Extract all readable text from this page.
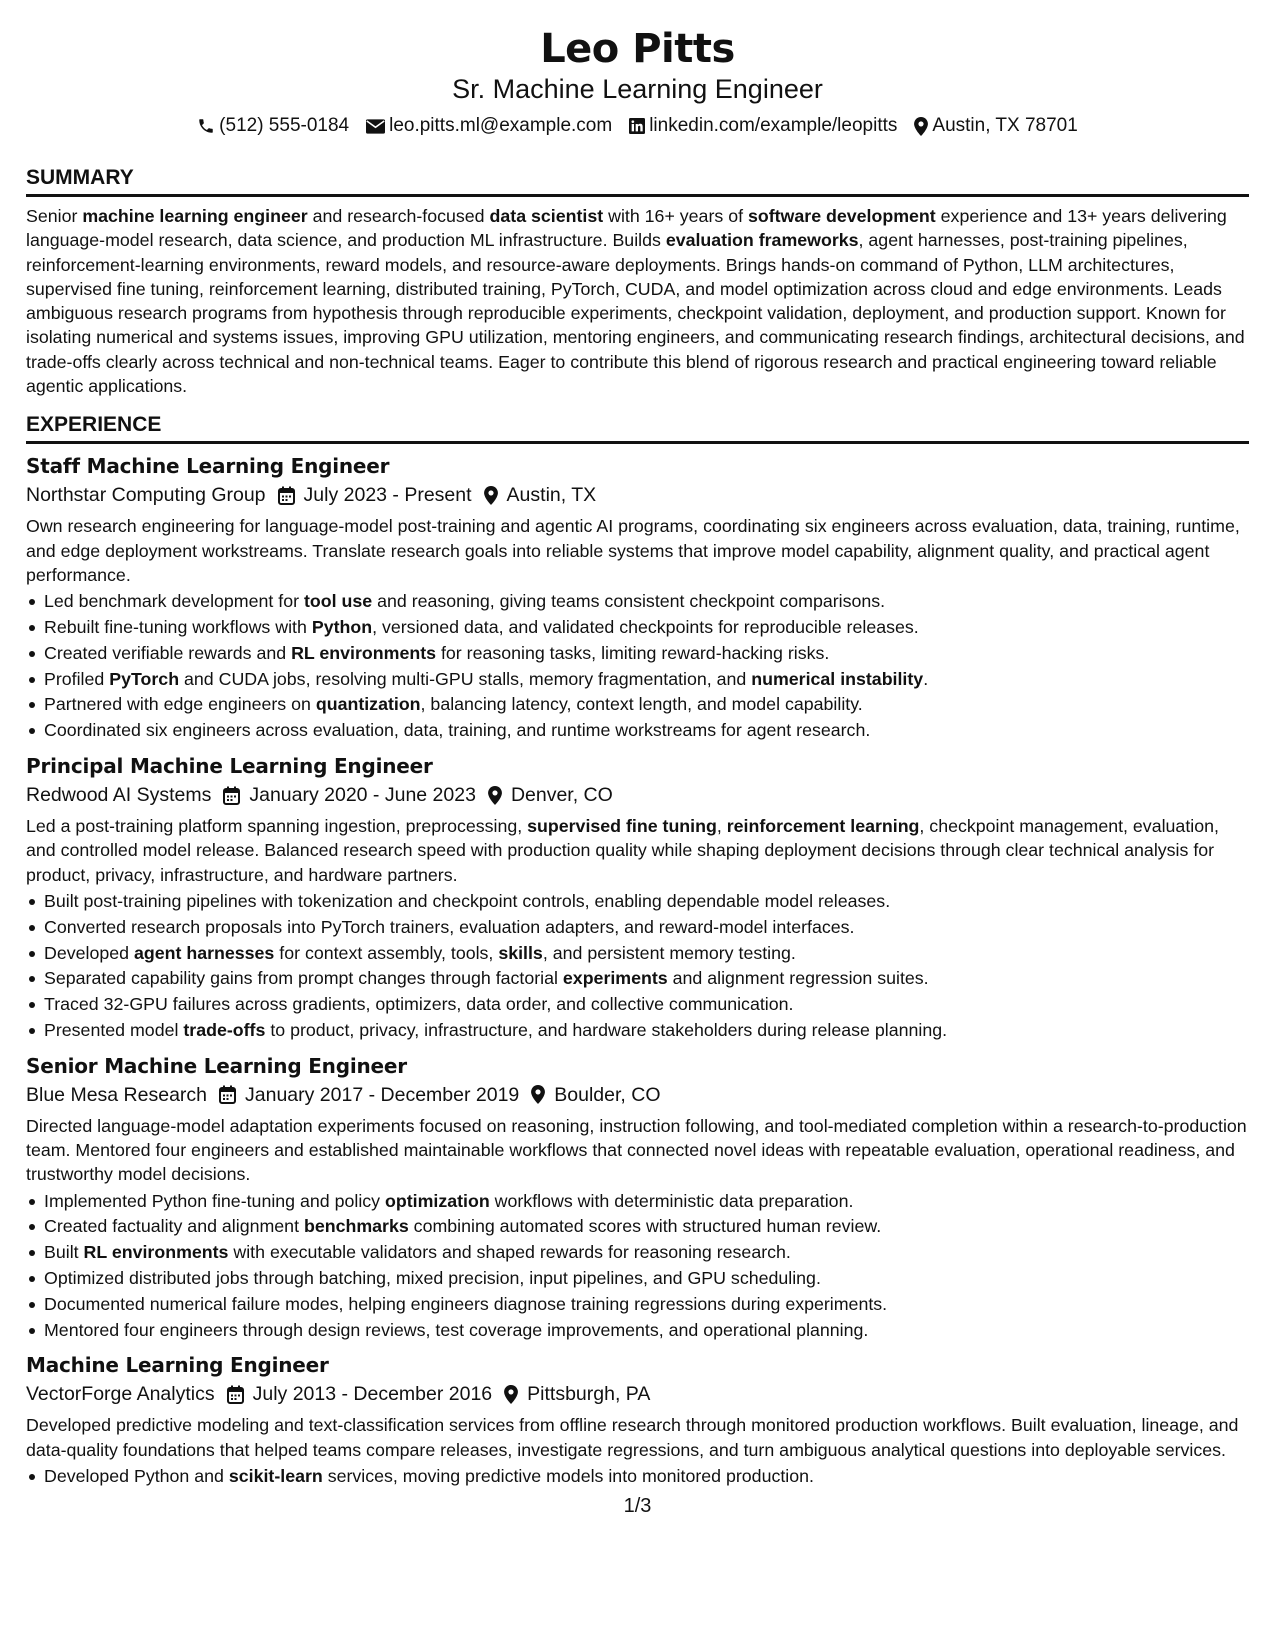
Leo Pitts
Sr. Machine Learning Engineer
(512) 555-0184 leo.pitts.ml@example.com linkedin.com/example/leopitts Austin, TX 78701
SUMMARY
Senior machine learning engineer and research-focused data scientist with 16+ years of software development experience and 13+ years delivering language-model research, data science, and production ML infrastructure. Builds evaluation frameworks, agent harnesses, post-training pipelines, reinforcement-learning environments, reward models, and resource-aware deployments. Brings hands-on command of Python, LLM architectures, supervised fine tuning, reinforcement learning, distributed training, PyTorch, CUDA, and model optimization across cloud and edge environments. Leads ambiguous research programs from hypothesis through reproducible experiments, checkpoint validation, deployment, and production support. Known for isolating numerical and systems issues, improving GPU utilization, mentoring engineers, and communicating research findings, architectural decisions, and trade-offs clearly across technical and non-technical teams. Eager to contribute this blend of rigorous research and practical engineering toward reliable agentic applications.
EXPERIENCE
Staff Machine Learning Engineer
Northstar Computing Group July 2023 - Present Austin, TX
Own research engineering for language-model post-training and agentic AI programs, coordinating six engineers across evaluation, data, training, runtime, and edge deployment workstreams. Translate research goals into reliable systems that improve model capability, alignment quality, and practical agent performance.
Led benchmark development for tool use and reasoning, giving teams consistent checkpoint comparisons.
Rebuilt fine-tuning workflows with Python, versioned data, and validated checkpoints for reproducible releases.
Created verifiable rewards and RL environments for reasoning tasks, limiting reward-hacking risks.
Profiled PyTorch and CUDA jobs, resolving multi-GPU stalls, memory fragmentation, and numerical instability.
Partnered with edge engineers on quantization, balancing latency, context length, and model capability.
Coordinated six engineers across evaluation, data, training, and runtime workstreams for agent research.
Principal Machine Learning Engineer
Redwood AI Systems January 2020 - June 2023 Denver, CO
Led a post-training platform spanning ingestion, preprocessing, supervised fine tuning, reinforcement learning, checkpoint management, evaluation, and controlled model release. Balanced research speed with production quality while shaping deployment decisions through clear technical analysis for product, privacy, infrastructure, and hardware partners.
Built post-training pipelines with tokenization and checkpoint controls, enabling dependable model releases.
Converted research proposals into PyTorch trainers, evaluation adapters, and reward-model interfaces.
Developed agent harnesses for context assembly, tools, skills, and persistent memory testing.
Separated capability gains from prompt changes through factorial experiments and alignment regression suites.
Traced 32-GPU failures across gradients, optimizers, data order, and collective communication.
Presented model trade-offs to product, privacy, infrastructure, and hardware stakeholders during release planning.
Senior Machine Learning Engineer
Blue Mesa Research January 2017 - December 2019 Boulder, CO
Directed language-model adaptation experiments focused on reasoning, instruction following, and tool-mediated completion within a research-to-production team. Mentored four engineers and established maintainable workflows that connected novel ideas with repeatable evaluation, operational readiness, and trustworthy model decisions.
Implemented Python fine-tuning and policy optimization workflows with deterministic data preparation.
Created factuality and alignment benchmarks combining automated scores with structured human review.
Built RL environments with executable validators and shaped rewards for reasoning research.
Optimized distributed jobs through batching, mixed precision, input pipelines, and GPU scheduling.
Documented numerical failure modes, helping engineers diagnose training regressions during experiments.
Mentored four engineers through design reviews, test coverage improvements, and operational planning.
Machine Learning Engineer
VectorForge Analytics July 2013 - December 2016 Pittsburgh, PA
Developed predictive modeling and text-classification services from offline research through monitored production workflows. Built evaluation, lineage, and data-quality foundations that helped teams compare releases, investigate regressions, and turn ambiguous analytical questions into deployable services.
Developed Python and scikit-learn services, moving predictive models into monitored production.
1/3
